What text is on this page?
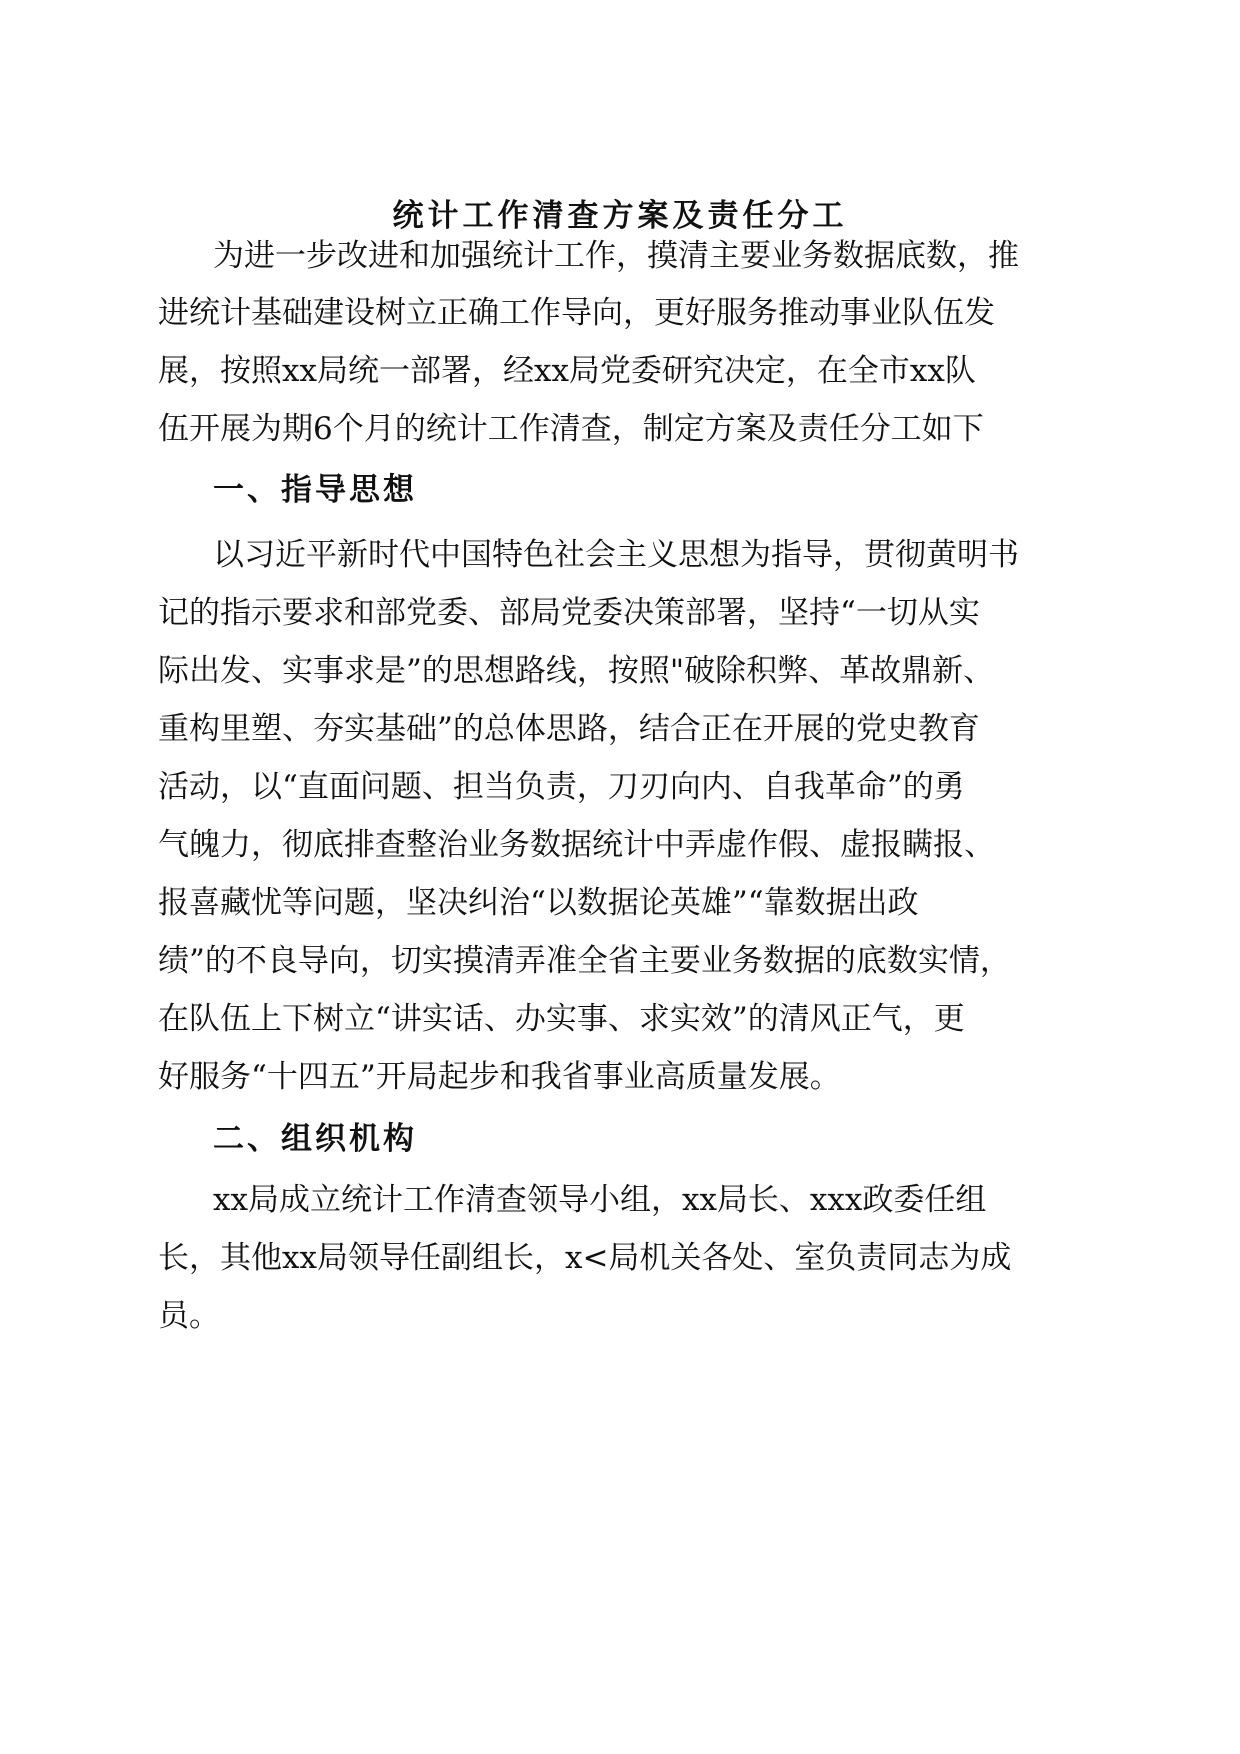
统计工作清查方案及责任分工
为进一步改进和加强统计工作，摸清主要业务数据底数，推
进统计基础建设树立正确工作导向，更好服务推动事业队伍发
展，按照xx局统一部署，经xx局党委研究决定，在全市xx队
伍开展为期6个月的统计工作清查，制定方案及责任分工如下
一、指导思想
以习近平新时代中国特色社会主义思想为指导，贯彻黄明书
记的指示要求和部党委、部局党委决策部署，坚持“一切从实
际出发、实事求是”的思想路线，按照"破除积弊、革故鼎新、
重构里塑、夯实基础”的总体思路，结合正在开展的党史教育
活动，以“直面问题、担当负责，刀刃向内、自我革命”的勇
气魄力，彻底排查整治业务数据统计中弄虚作假、虚报瞒报、
报喜藏忧等问题，坚决纠治“以数据论英雄”“靠数据出政
绩”的不良导向，切实摸清弄准全省主要业务数据的底数实情，
在队伍上下树立“讲实话、办实事、求实效”的清风正气，更
好服务“十四五”开局起步和我省事业高质量发展。
二、组织机构
xx局成立统计工作清查领导小组，xx局长、xxx政委任组
长，其他xx局领导任副组长，x<局机关各处、室负责同志为成
员。
